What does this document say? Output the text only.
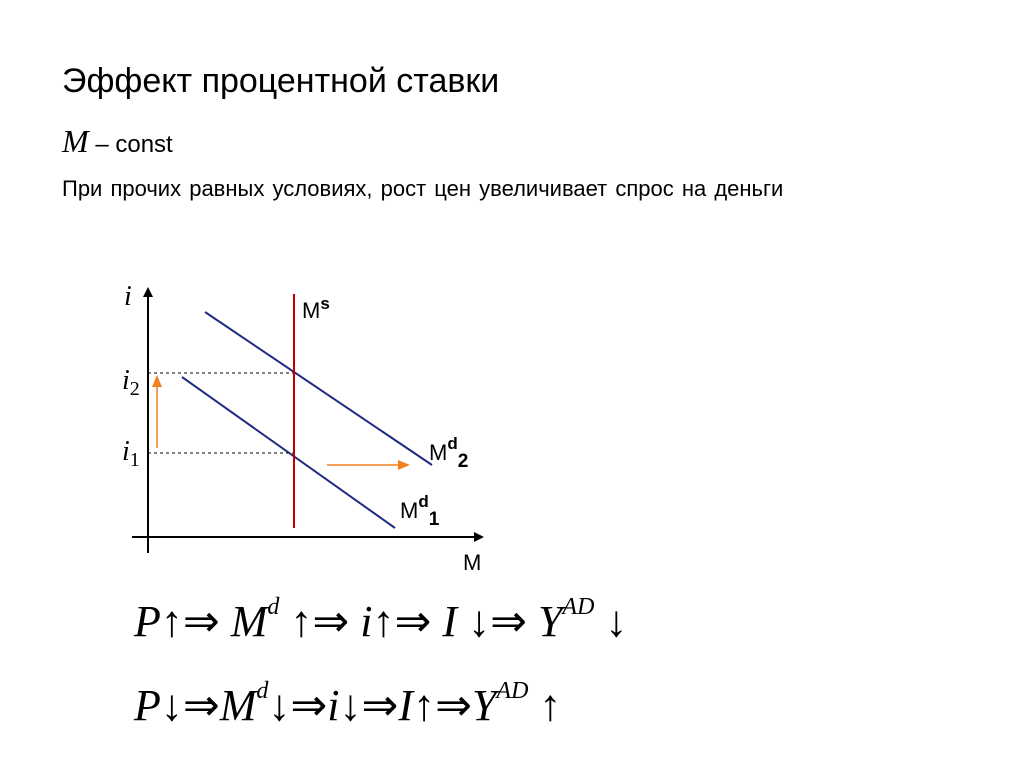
Эффект процентной ставки
M – const
При прочих равных условиях, рост цен увеличивает спрос на деньги
i
M
$i_2$
$i_1$
$M^s$
$M^d2$
$M^d1$
P↑⇒ $M^d$ ↑⇒ i↑⇒ I ↓⇒ $Y^{AD}$ ↓
$P↓\Rightarrow M^d↓\Rightarrow i↓\Rightarrow I↑\Rightarrow Y^{AD}$ ↑
